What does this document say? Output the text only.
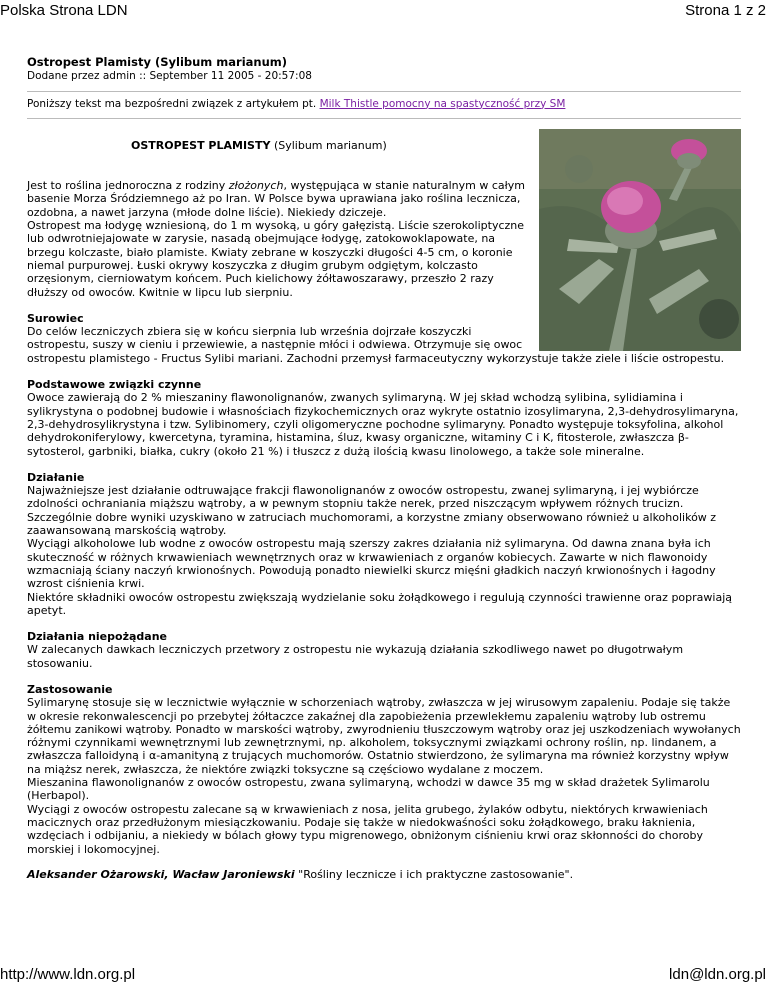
Polska Strona LDN	Strona 1 z 2
Ostropest Plamisty (Sylibum marianum)
Dodane przez admin :: September 11 2005 - 20:57:08
Poniższy tekst ma bezpośredni związek z artykułem pt. Milk Thistle pomocny na spastyczność przy SM
OSTROPEST PLAMISTY (Sylibum marianum)

Jest to roślina jednoroczna z rodziny złożonych, występująca w stanie naturalnym w całym basenie Morza Śródziemnego aż po Iran. W Polsce bywa uprawiana jako roślina lecznicza, ozdobna, a nawet jarzyna (młode dolne liście). Niekiedy dziczeje.

Ostropest ma łodygę wzniesioną, do 1 m wysoką, u góry gałęzistą. Liście szerokoliptyczne lub odwrotniejajowate w zarysie, nasadą obejmujące łodygę, zatokowoklapowate, na brzegu kolczaste, biało plamiste. Kwiaty zebrane w koszyczki długości 4-5 cm, o koronie niemal purpurowej. Łuski okrywy koszyczka z długim grubym odgiętym, kolczasto orzęsionym, cierniowatym końcem. Puch kielichowy żółtawoszarawy, przeszło 2 razy dłuższy od owoców. Kwitnie w lipcu lub sierpniu.

Surowiec

Do celów leczniczych zbiera się w końcu sierpnia lub września dojrzałe koszyczki ostropestu, suszy w cieniu i przewiewie, a następnie młóci i odwiewa. Otrzymuje się owoc ostropestu plamistego - Fructus Sylibi mariani. Zachodni przemysł farmaceutyczny wykorzystuje także ziele i liście ostropestu.

Podstawowe związki czynne

Owoce zawierają do 2 % mieszaniny flawonolignanów, zwanych sylimaryną. W jej skład wchodzą sylibina, sylidiamina i sylikrystyna o podobnej budowie i własnościach fizykochemicznych oraz wykryte ostatnio izosylimaryna, 2,3-dehydrosylimaryna, 2,3-dehydrosylikrystyna i tzw. Sylibinomery, czyli oligomeryczne pochodne sylimaryny. Ponadto występuje toksyfolina, alkohol dehydrokoniferylowy, kwercetyna, tyramina, histamina, śluz, kwasy organiczne, witaminy C i K, fitosterole, zwłaszcza β-sytosterol, garbniki, białka, cukry (około 21 %) i tłuszcz z dużą ilością kwasu linolowego, a także sole mineralne.

Działanie

Najważniejsze jest działanie odtruwające frakcji flawonolignanów z owoców ostropestu, zwanej sylimaryną, i jej wybiórcze zdolności ochraniania miąższu wątroby, a w pewnym stopniu także nerek, przed niszczącym wpływem różnych trucizn. Szczególnie dobre wyniki uzyskiwano w zatruciach muchomorami, a korzystne zmiany obserwowano również u alkoholików z zaawansowaną marskością wątroby.

Wyciągi alkoholowe lub wodne z owoców ostropestu mają szerszy zakres działania niż sylimaryna. Od dawna znana była ich skuteczność w różnych krwawieniach wewnętrznych oraz w krwawieniach z organów kobiecych. Zawarte w nich flawonoidy wzmacniają ściany naczyń krwionośnych. Powodują ponadto niewielki skurcz mięśni gładkich naczyń krwionośnych i łagodny wzrost ciśnienia krwi.

Niektóre składniki owoców ostropestu zwiększają wydzielanie soku żołądkowego i regulują czynności trawienne oraz poprawiają apetyt.

Działania niepożądane

W zalecanych dawkach leczniczych przetwory z ostropestu nie wykazują działania szkodliwego nawet po długotrwałym stosowaniu.

Zastosowanie

Sylimarynę stosuje się w lecznictwie wyłącznie w schorzeniach wątroby, zwłaszcza w jej wirusowym zapaleniu. Podaje się także w okresie rekonwalescencji po przebytej żółtaczce zakaźnej dla zapobieżenia przewlekłemu zapaleniu wątroby lub ostremu żółtemu zanikowi wątroby. Ponadto w marskości wątroby, zwyrodnieniu tłuszczowym wątroby oraz jej uszkodzeniach wywołanych różnymi czynnikami wewnętrznymi lub zewnętrznymi, np. alkoholem, toksycznymi związkami ochrony roślin, np. lindanem, a zwłaszcza falloidyną i α-amanityną z trujących muchomorów. Ostatnio stwierdzono, że sylimaryna ma również korzystny wpływ na miąższ nerek, zwłaszcza, że niektóre związki toksyczne są częściowo wydalane z moczem.

Mieszanina flawonolignanów z owoców ostropestu, zwana sylimaryną, wchodzi w dawce 35 mg w skład drażetek Sylimarolu (Herbapol).

Wyciągi z owoców ostropestu zalecane są w krwawieniach z nosa, jelita grubego, żylaków odbytu, niektórych krwawieniach macicznych oraz przedłużonym miesiączkowaniu. Podaje się także w niedokwaśności soku żołądkowego, braku łaknienia, wzdęciach i odbijaniu, a niekiedy w bólach głowy typu migrenowego, obniżonym ciśnieniu krwi oraz skłonności do choroby morskiej i lokomocyjnej.

Aleksander Ożarowski, Wacław Jaroniewski "Rośliny lecznicze i ich praktyczne zastosowanie".

http://www.ldn.org.pl	ldn@ldn.org.pl
